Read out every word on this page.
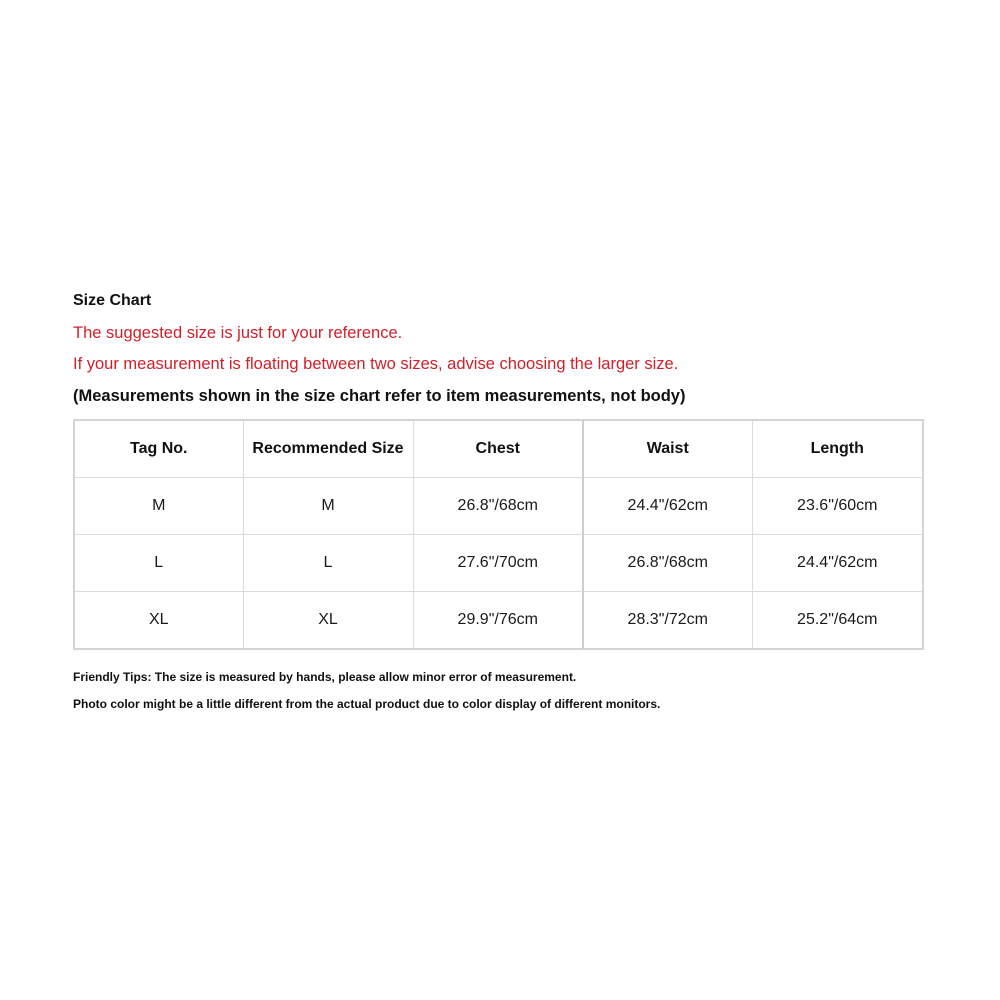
Size Chart
The suggested size is just for your reference.
If your measurement is floating between two sizes, advise choosing the larger size.
(Measurements shown in the size chart refer to item measurements, not body)
Tag No.	Recommended Size	Chest	Waist	Length
M	M	26.8"/68cm	24.4"/62cm	23.6"/60cm
L	L	27.6"/70cm	26.8"/68cm	24.4"/62cm
XL	XL	29.9"/76cm	28.3"/72cm	25.2"/64cm
Friendly Tips: The size is measured by hands, please allow minor error of measurement.
Photo color might be a little different from the actual product due to color display of different monitors.
